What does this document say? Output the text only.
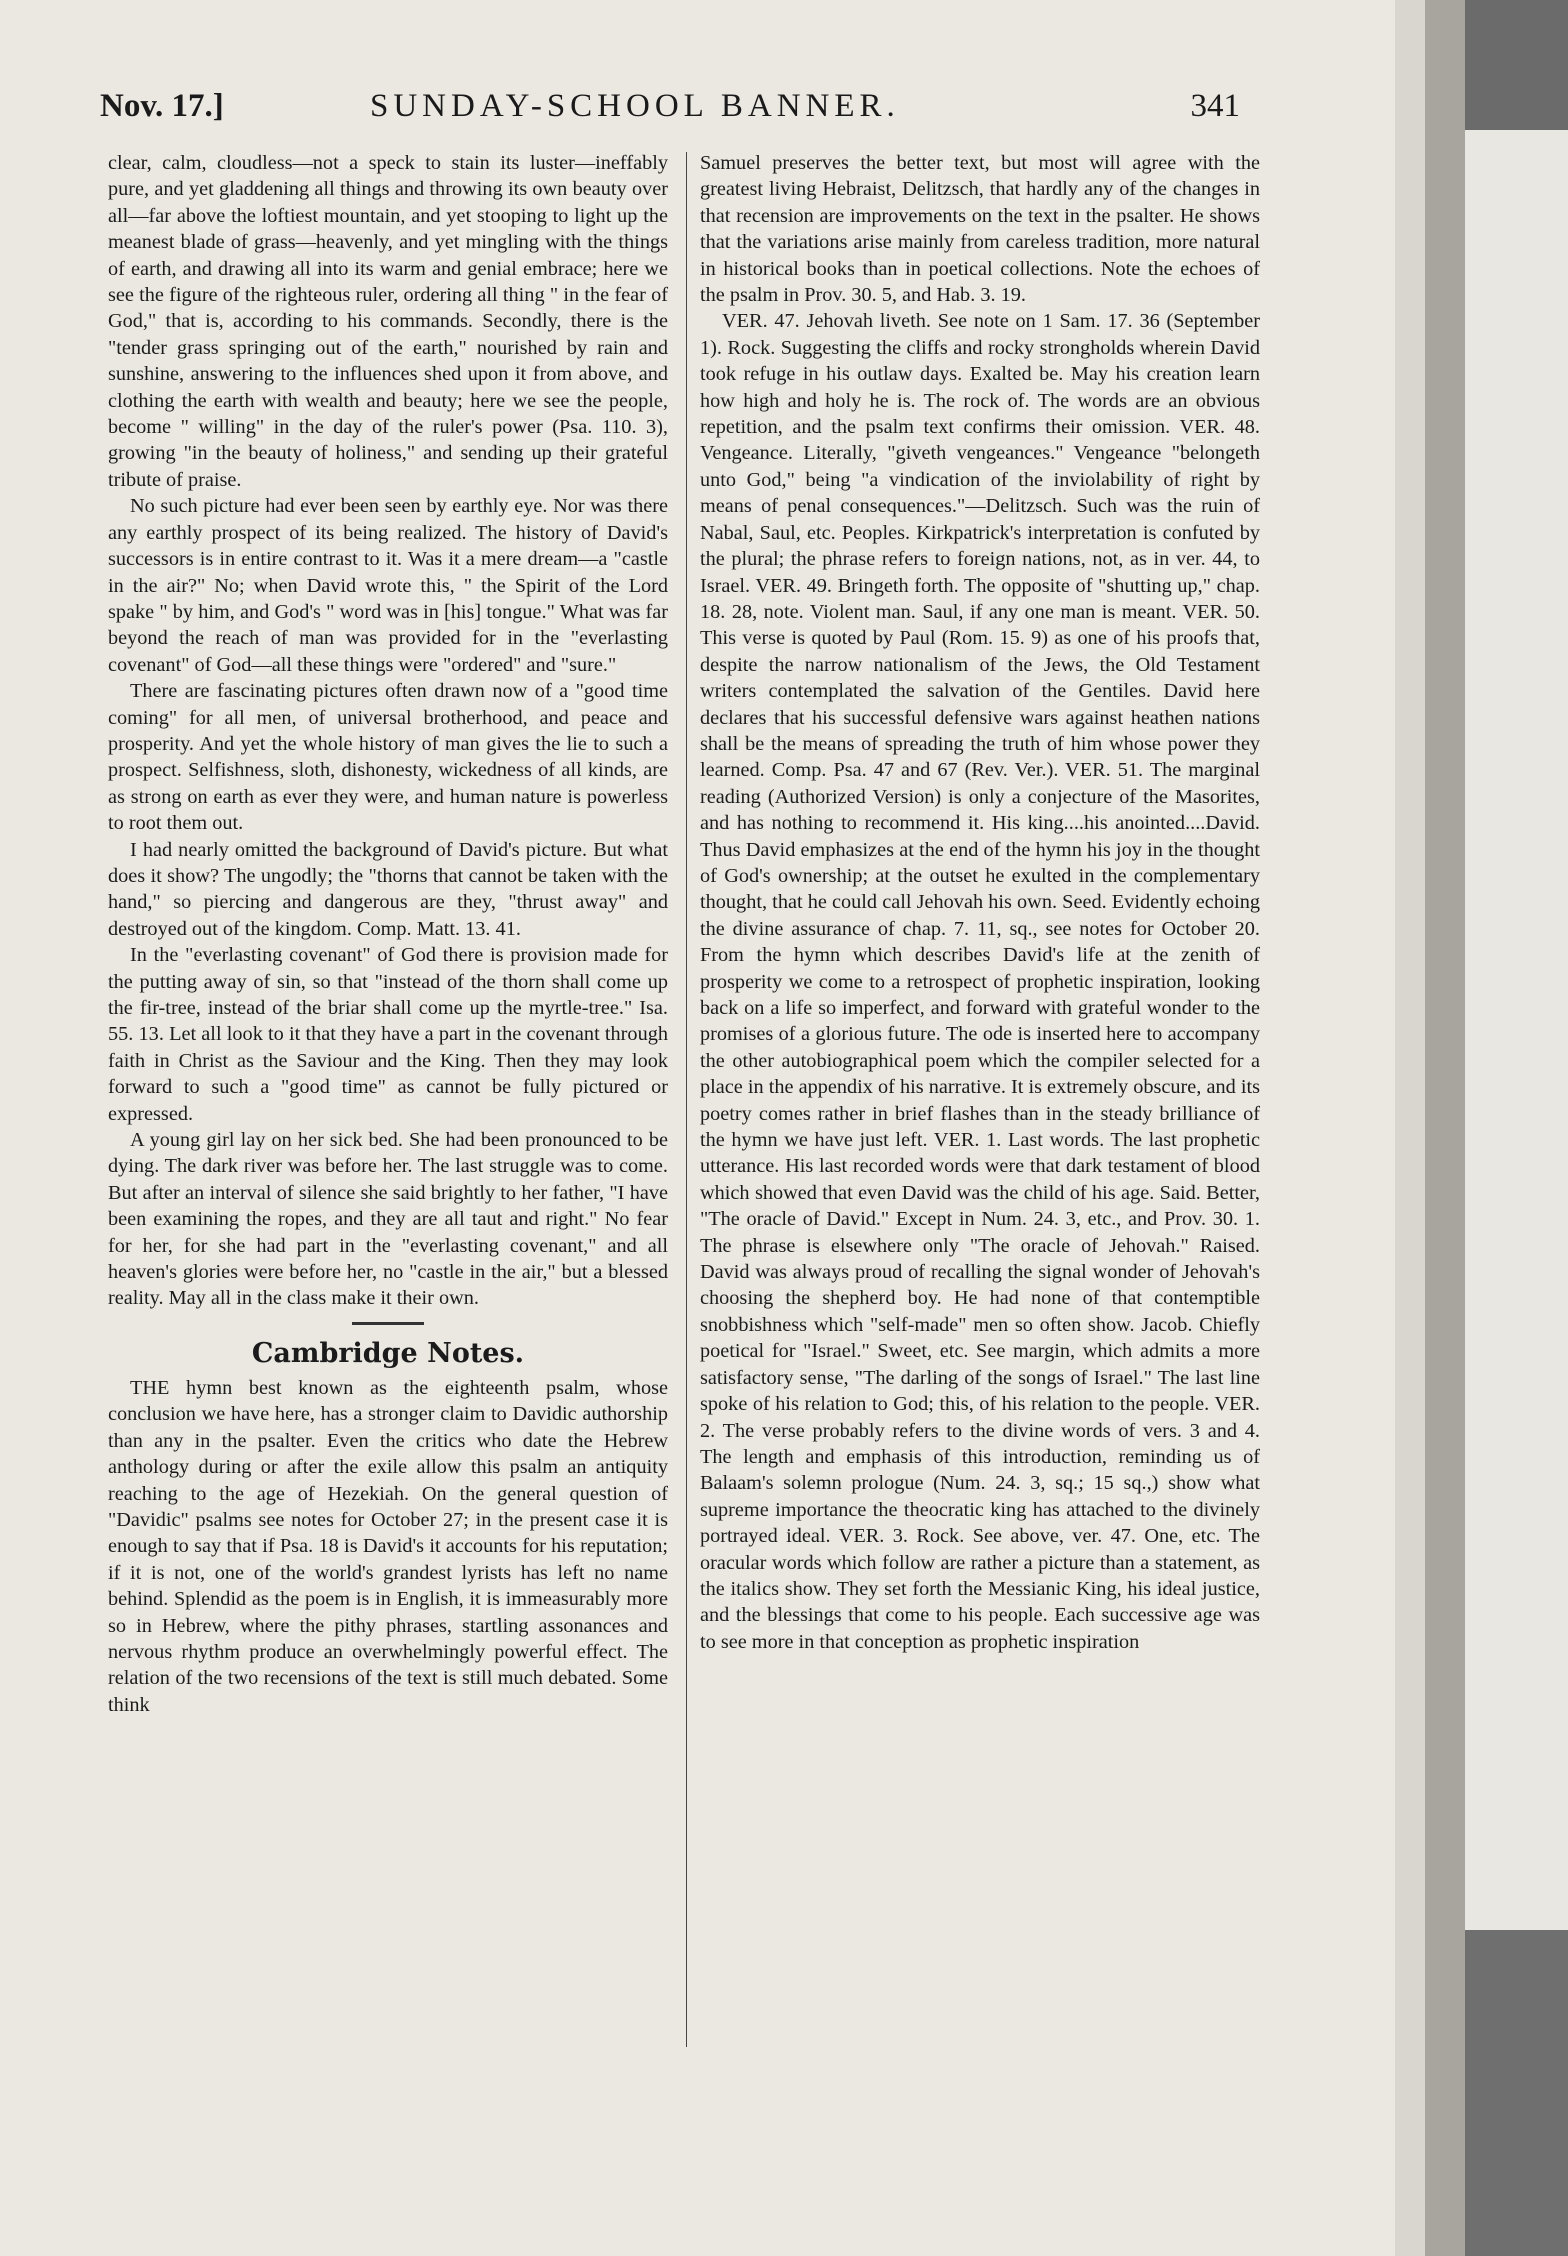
Nov. 17.]	SUNDAY-SCHOOL BANNER.	341

clear, calm, cloudless—not a speck to stain its luster—ineffably pure, and yet gladdening all things and throwing its own beauty over all—far above the loftiest mountain, and yet stooping to light up the meanest blade of grass—heavenly, and yet mingling with the things of earth, and drawing all into its warm and genial embrace; here we see the figure of the righteous ruler, ordering all thing " in the fear of God," that is, according to his commands. Secondly, there is the "tender grass springing out of the earth," nourished by rain and sunshine, answering to the influences shed upon it from above, and clothing the earth with wealth and beauty; here we see the people, become " willing" in the day of the ruler's power (Psa. 110. 3), growing "in the beauty of holiness," and sending up their grateful tribute of praise.

No such picture had ever been seen by earthly eye. Nor was there any earthly prospect of its being realized. The history of David's successors is in entire contrast to it. Was it a mere dream—a "castle in the air?" No; when David wrote this, " the Spirit of the Lord spake " by him, and God's " word was in [his] tongue." What was far beyond the reach of man was provided for in the "everlasting covenant" of God—all these things were "ordered" and "sure."

There are fascinating pictures often drawn now of a "good time coming" for all men, of universal brotherhood, and peace and prosperity. And yet the whole history of man gives the lie to such a prospect. Selfishness, sloth, dishonesty, wickedness of all kinds, are as strong on earth as ever they were, and human nature is powerless to root them out.

I had nearly omitted the background of David's picture. But what does it show? The ungodly; the "thorns that cannot be taken with the hand," so piercing and dangerous are they, "thrust away" and destroyed out of the kingdom. Comp. Matt. 13. 41.

In the "everlasting covenant" of God there is provision made for the putting away of sin, so that "instead of the thorn shall come up the fir-tree, instead of the briar shall come up the myrtle-tree." Isa. 55. 13. Let all look to it that they have a part in the covenant through faith in Christ as the Saviour and the King. Then they may look forward to such a "good time" as cannot be fully pictured or expressed.

A young girl lay on her sick bed. She had been pronounced to be dying. The dark river was before her. The last struggle was to come. But after an interval of silence she said brightly to her father, "I have been examining the ropes, and they are all taut and right." No fear for her, for she had part in the "everlasting covenant," and all heaven's glories were before her, no "castle in the air," but a blessed reality. May all in the class make it their own.

Cambridge Notes.

THE hymn best known as the eighteenth psalm, whose conclusion we have here, has a stronger claim to Davidic authorship than any in the psalter. Even the critics who date the Hebrew anthology during or after the exile allow this psalm an antiquity reaching to the age of Hezekiah. On the general question of "Davidic" psalms see notes for October 27; in the present case it is enough to say that if Psa. 18 is David's it accounts for his reputation; if it is not, one of the world's grandest lyrists has left no name behind. Splendid as the poem is in English, it is immeasurably more so in Hebrew, where the pithy phrases, startling assonances and nervous rhythm produce an overwhelmingly powerful effect. The relation of the two recensions of the text is still much debated. Some think

Samuel preserves the better text, but most will agree with the greatest living Hebraist, Delitzsch, that hardly any of the changes in that recension are improvements on the text in the psalter. He shows that the variations arise mainly from careless tradition, more natural in historical books than in poetical collections. Note the echoes of the psalm in Prov. 30. 5, and Hab. 3. 19.

VER. 47. Jehovah liveth. See note on 1 Sam. 17. 36 (September 1). Rock. Suggesting the cliffs and rocky strongholds wherein David took refuge in his outlaw days. Exalted be. May his creation learn how high and holy he is. The rock of. The words are an obvious repetition, and the psalm text confirms their omission. VER. 48. Vengeance. Literally, "giveth vengeances." Vengeance "belongeth unto God," being "a vindication of the inviolability of right by means of penal consequences."—Delitzsch. Such was the ruin of Nabal, Saul, etc. Peoples. Kirkpatrick's interpretation is confuted by the plural; the phrase refers to foreign nations, not, as in ver. 44, to Israel. VER. 49. Bringeth forth. The opposite of "shutting up," chap. 18. 28, note. Violent man. Saul, if any one man is meant. VER. 50. This verse is quoted by Paul (Rom. 15. 9) as one of his proofs that, despite the narrow nationalism of the Jews, the Old Testament writers contemplated the salvation of the Gentiles. David here declares that his successful defensive wars against heathen nations shall be the means of spreading the truth of him whose power they learned. Comp. Psa. 47 and 67 (Rev. Ver.). VER. 51. The marginal reading (Authorized Version) is only a conjecture of the Masorites, and has nothing to recommend it. His king....his anointed....David. Thus David emphasizes at the end of the hymn his joy in the thought of God's ownership; at the outset he exulted in the complementary thought, that he could call Jehovah his own. Seed. Evidently echoing the divine assurance of chap. 7. 11, sq., see notes for October 20. From the hymn which describes David's life at the zenith of prosperity we come to a retrospect of prophetic inspiration, looking back on a life so imperfect, and forward with grateful wonder to the promises of a glorious future. The ode is inserted here to accompany the other autobiographical poem which the compiler selected for a place in the appendix of his narrative. It is extremely obscure, and its poetry comes rather in brief flashes than in the steady brilliance of the hymn we have just left. VER. 1. Last words. The last prophetic utterance. His last recorded words were that dark testament of blood which showed that even David was the child of his age. Said. Better, "The oracle of David." Except in Num. 24. 3, etc., and Prov. 30. 1. The phrase is elsewhere only "The oracle of Jehovah." Raised. David was always proud of recalling the signal wonder of Jehovah's choosing the shepherd boy. He had none of that contemptible snobbishness which "self-made" men so often show. Jacob. Chiefly poetical for "Israel." Sweet, etc. See margin, which admits a more satisfactory sense, "The darling of the songs of Israel." The last line spoke of his relation to God; this, of his relation to the people. VER. 2. The verse probably refers to the divine words of vers. 3 and 4. The length and emphasis of this introduction, reminding us of Balaam's solemn prologue (Num. 24. 3, sq.; 15 sq.,) show what supreme importance the theocratic king has attached to the divinely portrayed ideal. VER. 3. Rock. See above, ver. 47. One, etc. The oracular words which follow are rather a picture than a statement, as the italics show. They set forth the Messianic King, his ideal justice, and the blessings that come to his people. Each successive age was to see more in that conception as prophetic inspiration
